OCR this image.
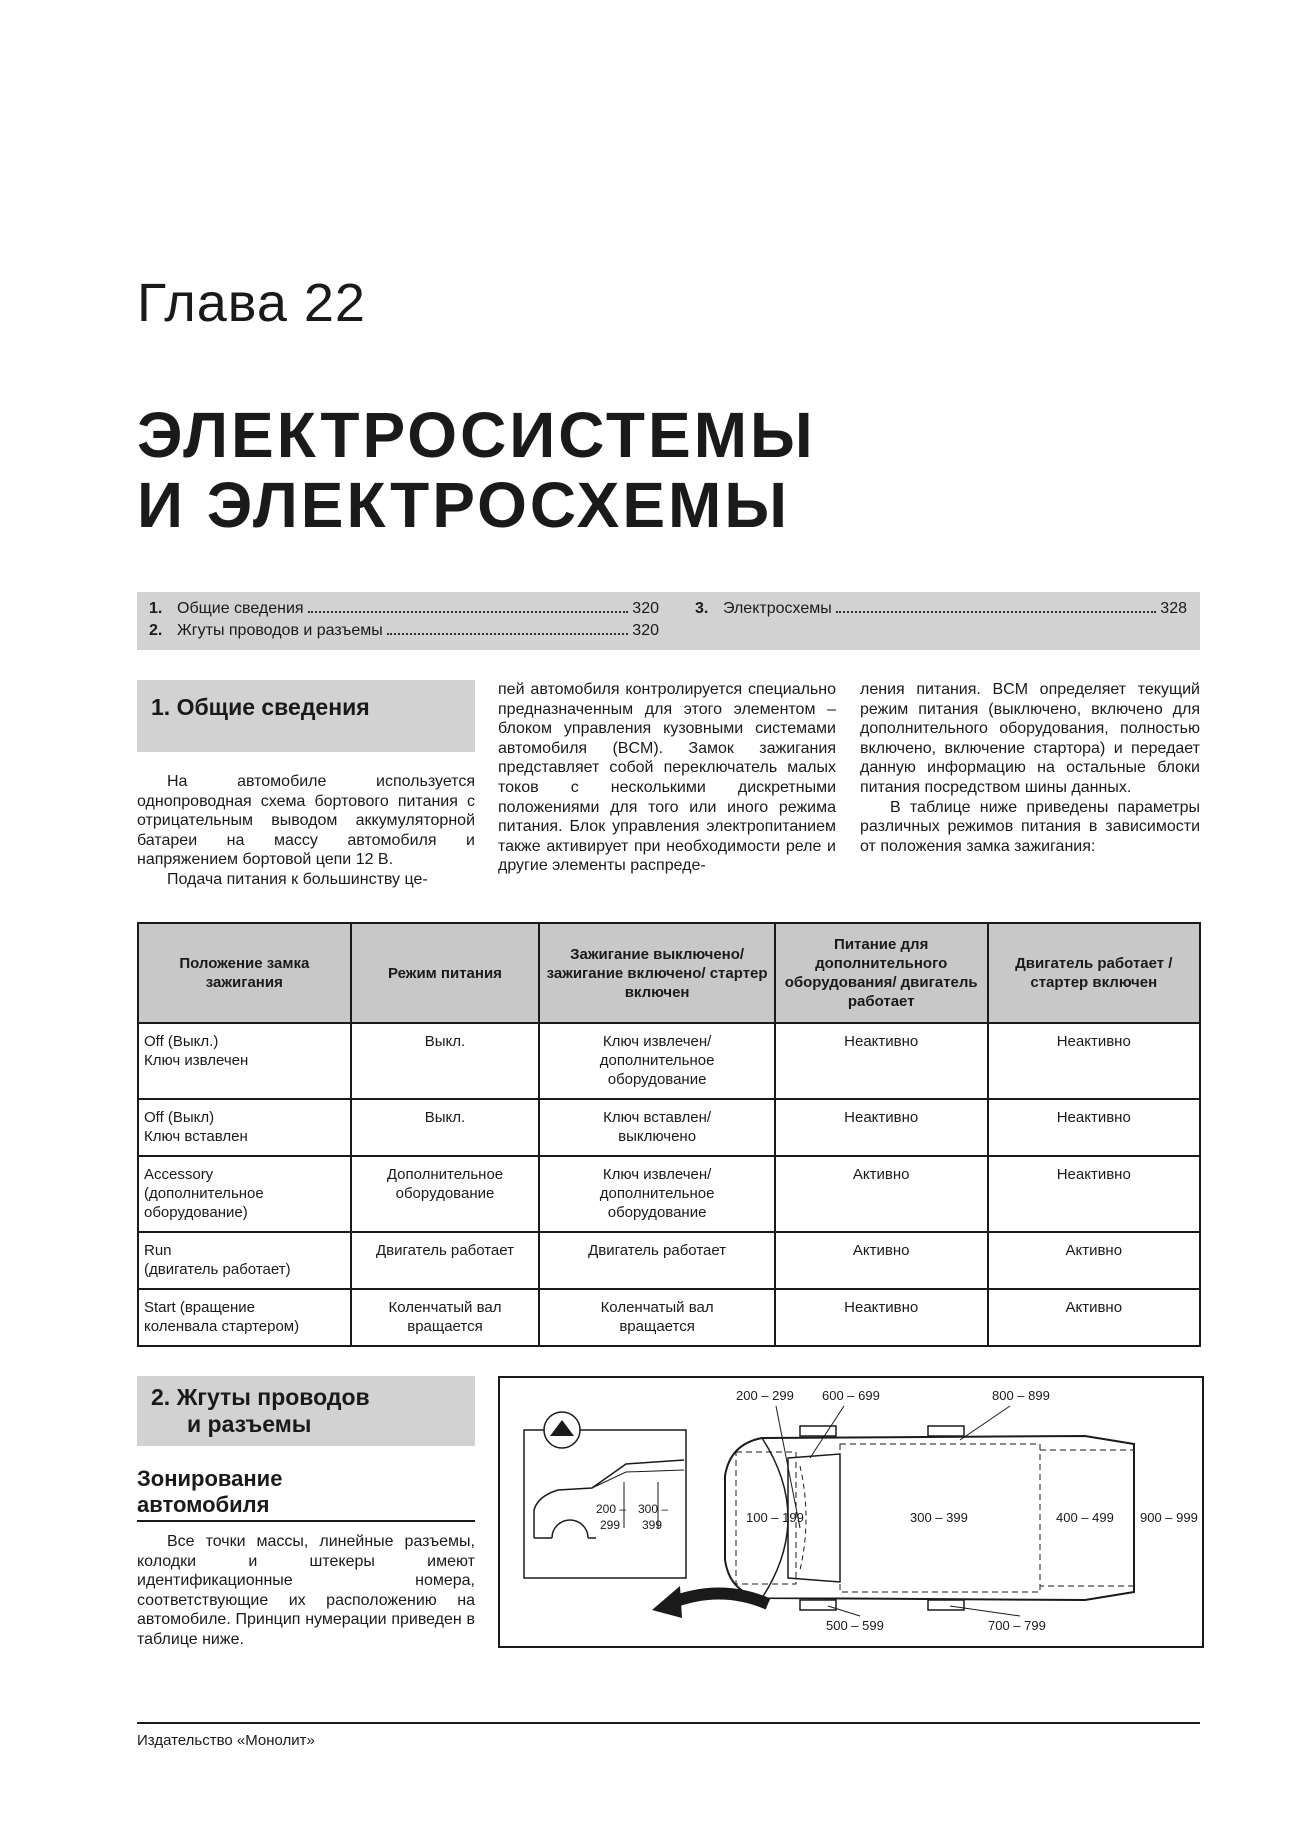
Глава 22
ЭЛЕКТРОСИСТЕМЫ
И ЭЛЕКТРОСХЕМЫ
1. Общие сведения	320
2. Жгуты проводов и разъемы	320
3. Электросхемы	328
1. Общие сведения

На автомобиле используется однопроводная схема бортового питания с отрицательным выводом аккумуляторной батареи на массу автомобиля и напряжением бортовой цепи 12 В.

Подача питания к большинству це-

пей автомобиля контролируется специально предназначенным для этого элементом – блоком управления кузовными системами автомобиля (BCM). Замок зажигания представляет собой переключатель малых токов с несколькими дискретными положениями для того или иного режима питания. Блок управления электропитанием также активирует при необходимости реле и другие элементы распреде-

ления питания. BCM определяет текущий режим питания (выключено, включено для дополнительного оборудования, полностью включено, включение стартора) и передает данную информацию на остальные блоки питания посредством шины данных.

В таблице ниже приведены параметры различных режимов питания в зависимости от положения замка зажигания:

Положение замка зажигания	Режим питания	Зажигание выключено/ зажигание включено/ стартер включен	Питание для дополнительного оборудования/ двигатель работает	Двигатель работает / стартер включен
Off (Выкл.)
Ключ извлечен	Выкл.	Ключ извлечен/
дополнительное
оборудование	Неактивно	Неактивно
Off (Выкл)
Ключ вставлен	Выкл.	Ключ вставлен/
выключено	Неактивно	Неактивно
Accessory
(дополнительное
оборудование)	Дополнительное
оборудование	Ключ извлечен/
дополнительное
оборудование	Активно	Неактивно
Run
(двигатель работает)	Двигатель работает	Двигатель работает	Активно	Активно
Start (вращение
коленвала стартером)	Коленчатый вал
вращается	Коленчатый вал
вращается	Неактивно	Активно
2. Жгуты проводов
и разъемы
Зонирование
автомобиля

Все точки массы, линейные разъемы, колодки и штекеры имеют идентификационные номера, соответствующие их расположению на автомобиле. Принцип нумерации приведен в таблице ниже.

200 – 299 600 – 699	800 – 899
100 – 199	300 – 399	400 – 499 900 – 999
500 – 599	700 – 799
200 –
299
300 –
399
Издательство «Монолит»
